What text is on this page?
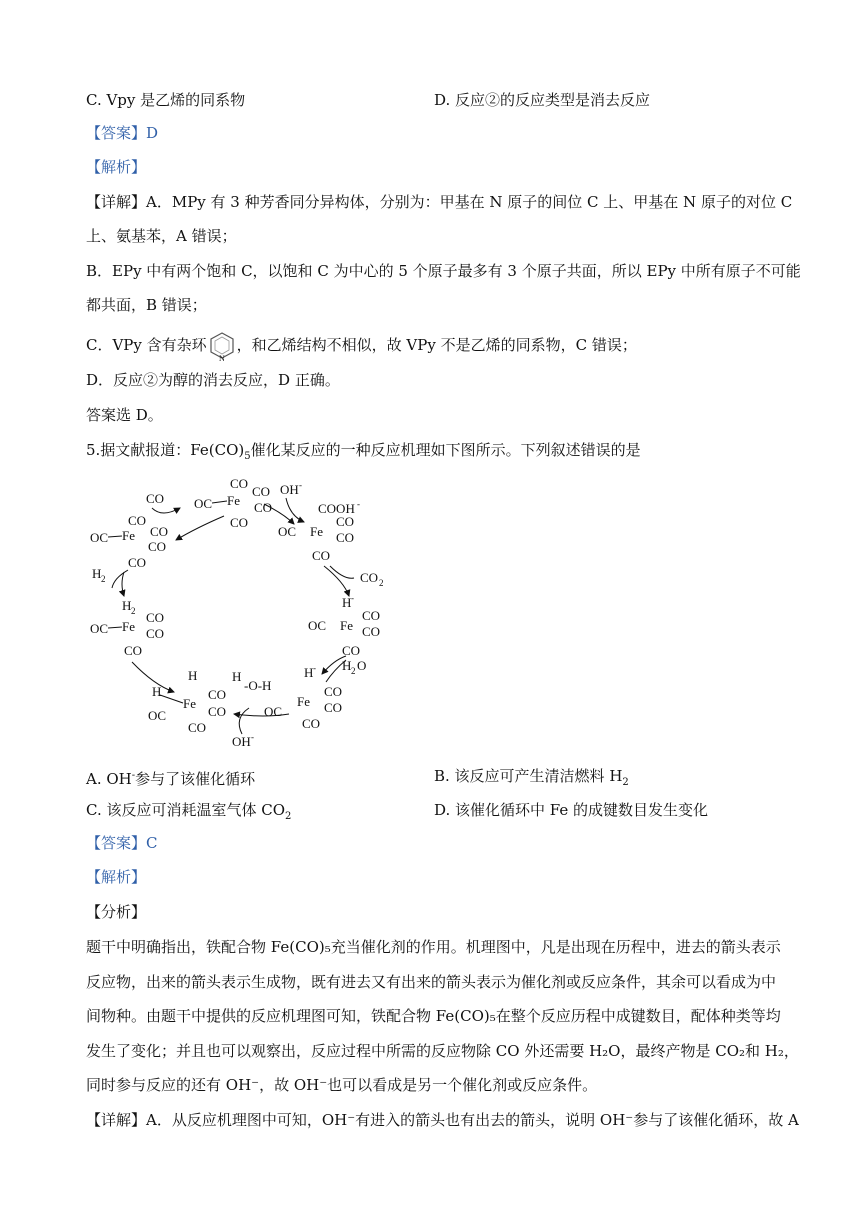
C. Vpy 是乙烯的同系物	D. 反应②的反应类型是消去反应
【答案】D
【解析】
【详解】A．MPy 有 3 种芳香同分异构体，分别为：甲基在 N 原子的间位 C 上、甲基在 N 原子的对位 C
上、氨基苯，A 错误；
B．EPy 中有两个饱和 C，以饱和 C 为中心的 5 个原子最多有 3 个原子共面，所以 EPy 中所有原子不可能
都共面，B 错误；
C．VPy 含有杂环
N
，和乙烯结构不相似，故 VPy 不是乙烯的同系物，C 错误；
D．反应②为醇的消去反应，D 正确。
答案选 D。
5.据文献报道：$Fe(CO)_5$催化某反应的一种反应机理如下图所示。下列叙述错误的是
OC Fe
CO
CO
CO
CO
CO
OC Fe
CO
CO
CO
CO
H 2
H 2
OC Fe
CO
CO
CO
H
H
Fe
OC
CO
CO
CO
H
-O-H
OH -
H -
Fe
OC
CO
CO
CO
H 2 O
H -
Fe
OC
CO
CO
CO
OH -
COOH -
Fe
OC
CO
CO
CO
CO 2
A. OH-参与了该催化循环	B. 该反应可产生清洁燃料 $H_2$
C. 该反应可消耗温室气体 $CO_2$	D. 该催化循环中 Fe 的成键数目发生变化
【答案】C
【解析】
【分析】
题干中明确指出，铁配合物 Fe(CO)₅充当催化剂的作用。机理图中，凡是出现在历程中，进去的箭头表示
反应物，出来的箭头表示生成物，既有进去又有出来的箭头表示为催化剂或反应条件，其余可以看成为中
间物种。由题干中提供的反应机理图可知，铁配合物 Fe(CO)₅在整个反应历程中成键数目，配体种类等均
发生了变化；并且也可以观察出，反应过程中所需的反应物除 CO 外还需要 H₂O，最终产物是 CO₂和 H₂，
同时参与反应的还有 OH⁻，故 OH⁻也可以看成是另一个催化剂或反应条件。
【详解】A．从反应机理图中可知，OH⁻有进入的箭头也有出去的箭头，说明 OH⁻参与了该催化循环，故 A
